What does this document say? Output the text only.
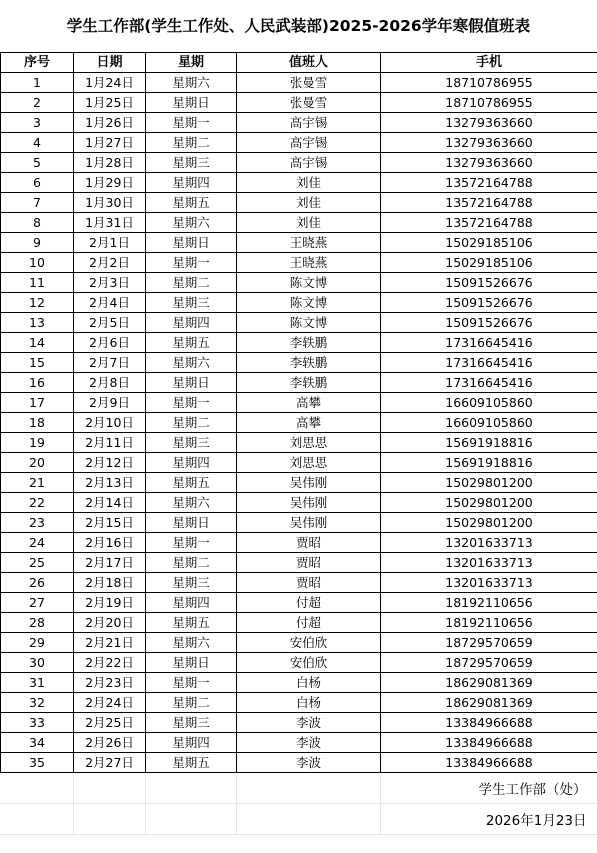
学生工作部(学生工作处、人民武装部)2025-2026学年寒假值班表
序号	日期	星期	值班人	手机
1	1月24日	星期六	张曼雪	18710786955
2	1月25日	星期日	张曼雪	18710786955
3	1月26日	星期一	高宇锡	13279363660
4	1月27日	星期二	高宇锡	13279363660
5	1月28日	星期三	高宇锡	13279363660
6	1月29日	星期四	刘佳	13572164788
7	1月30日	星期五	刘佳	13572164788
8	1月31日	星期六	刘佳	13572164788
9	2月1日	星期日	王晓燕	15029185106
10	2月2日	星期一	王晓燕	15029185106
11	2月3日	星期二	陈文博	15091526676
12	2月4日	星期三	陈文博	15091526676
13	2月5日	星期四	陈文博	15091526676
14	2月6日	星期五	李轶鹏	17316645416
15	2月7日	星期六	李轶鹏	17316645416
16	2月8日	星期日	李轶鹏	17316645416
17	2月9日	星期一	高攀	16609105860
18	2月10日	星期二	高攀	16609105860
19	2月11日	星期三	刘思思	15691918816
20	2月12日	星期四	刘思思	15691918816
21	2月13日	星期五	吴伟刚	15029801200
22	2月14日	星期六	吴伟刚	15029801200
23	2月15日	星期日	吴伟刚	15029801200
24	2月16日	星期一	贾昭	13201633713
25	2月17日	星期二	贾昭	13201633713
26	2月18日	星期三	贾昭	13201633713
27	2月19日	星期四	付超	18192110656
28	2月20日	星期五	付超	18192110656
29	2月21日	星期六	安伯欣	18729570659
30	2月22日	星期日	安伯欣	18729570659
31	2月23日	星期一	白杨	18629081369
32	2月24日	星期二	白杨	18629081369
33	2月25日	星期三	李波	13384966688
34	2月26日	星期四	李波	13384966688
35	2月27日	星期五	李波	13384966688
				学生工作部（处）
				2026年1月23日
